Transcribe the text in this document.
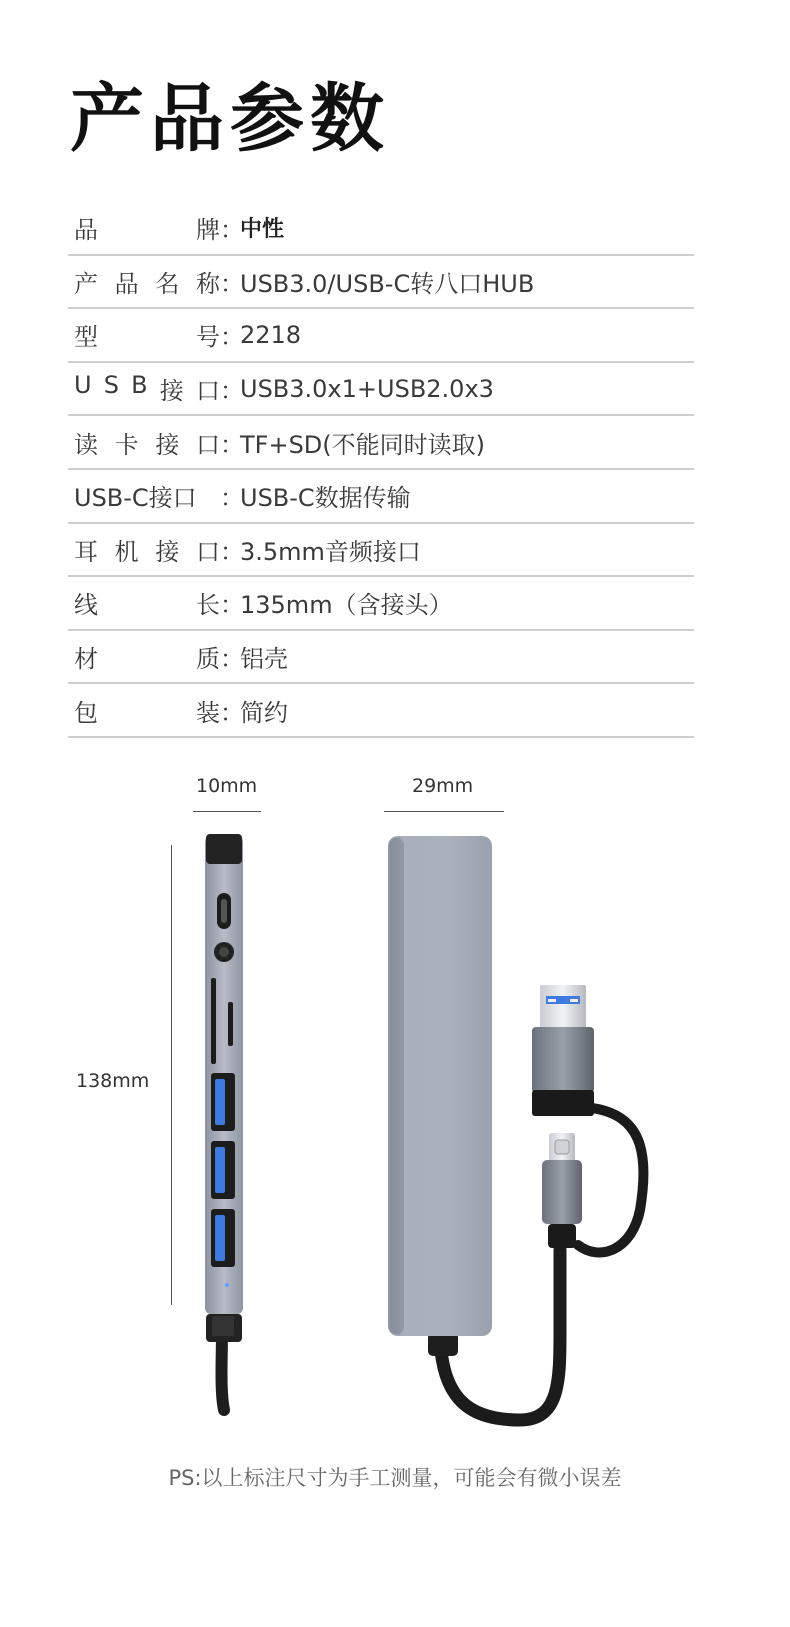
产品参数
品	牌 ：
中性
产 品 名 称 ：
USB3.0/USB-C转八口HUB
型	号 ：
2218
U S B 接 口 ：
USB3.0x1+USB2.0x3
读 卡 接 口 ：
TF+SD(不能同时读取)
USB-C接口 ：
USB-C数据传输
耳 机 接 口 ：
3.5mm音频接口
线	长 ：
135mm（含接头）
材	质 ：
铝壳
包	装 ：
简约
10mm	29mm
138mm
PS:以上标注尺寸为手工测量，可能会有微小误差
